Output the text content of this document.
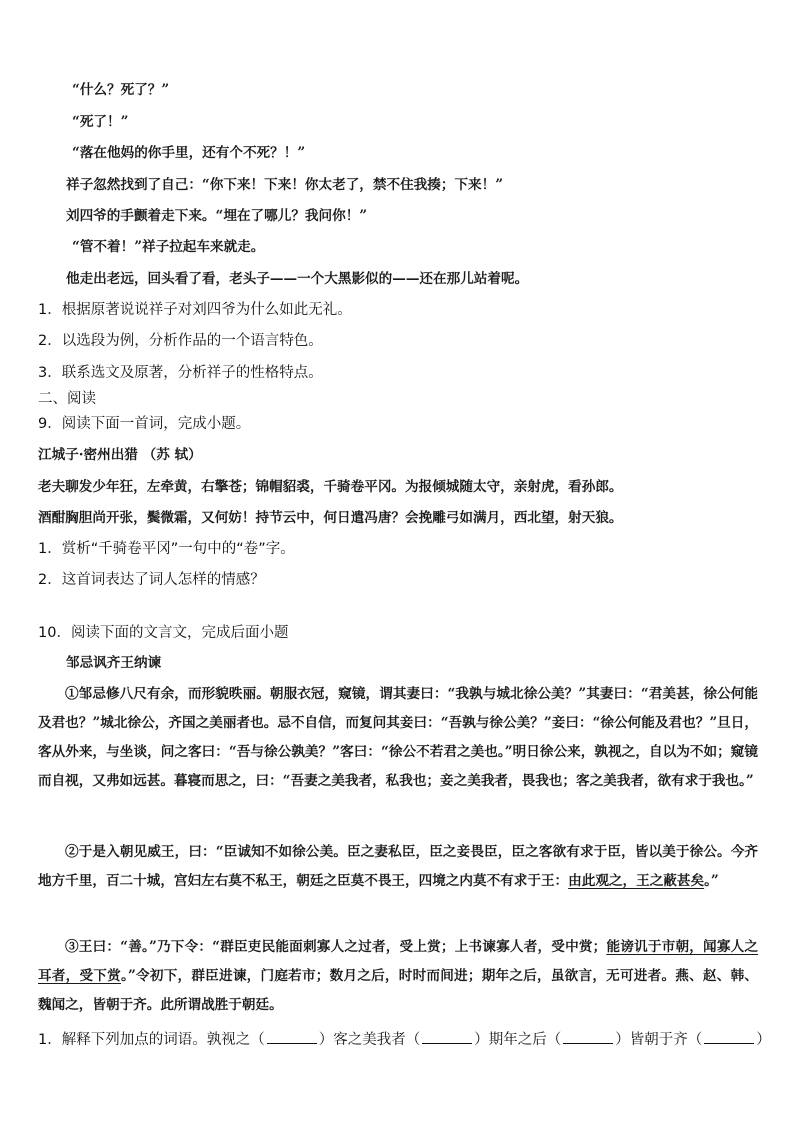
“什么？死了？”
“死了！”
“落在他妈的你手里，还有个不死？！”
祥子忽然找到了自己：“你下来！下来！你太老了，禁不住我揍；下来！”
刘四爷的手颤着走下来。“埋在了哪儿？我问你！”
“管不着！”祥子拉起车来就走。
他走出老远，回头看了看，老头子——一个大黑影似的——还在那儿站着呢。
1．根据原著说说祥子对刘四爷为什么如此无礼。
2．以选段为例，分析作品的一个语言特色。
3．联系选文及原著，分析祥子的性格特点。
二、阅读
9．阅读下面一首词，完成小题。
江城子·密州出猎 （苏 轼）
老夫聊发少年狂，左牵黄，右擎苍；锦帽貂裘，千骑卷平冈。为报倾城随太守，亲射虎，看孙郎。
酒酣胸胆尚开张，鬓微霜，又何妨！持节云中，何日遣冯唐？会挽雕弓如满月，西北望，射天狼。
1．赏析“千骑卷平冈”一句中的“卷”字。
2．这首词表达了词人怎样的情感？
10．阅读下面的文言文，完成后面小题
邹忌讽齐王纳谏
①邹忌修八尺有余，而形貌昳丽。朝服衣冠，窥镜，谓其妻曰：“我孰与城北徐公美？”其妻曰：“君美甚，徐公何能及君也？”城北徐公，齐国之美丽者也。忌不自信，而复问其妾曰：“吾孰与徐公美？”妾曰：“徐公何能及君也？”旦日，客从外来，与坐谈，问之客曰：“吾与徐公孰美？”客曰：“徐公不若君之美也。”明日徐公来，孰视之，自以为不如；窥镜而自视，又弗如远甚。暮寝而思之，曰：“吾妻之美我者，私我也；妾之美我者，畏我也；客之美我者，欲有求于我也。”
②于是入朝见威王，曰：“臣诚知不如徐公美。臣之妻私臣，臣之妾畏臣，臣之客欲有求于臣，皆以美于徐公。今齐地方千里，百二十城，宫妇左右莫不私王，朝廷之臣莫不畏王，四境之内莫不有求于王：由此观之，王之蔽甚矣。”
③王曰：“善。”乃下令：“群臣吏民能面刺寡人之过者，受上赏；上书谏寡人者，受中赏；能谤讥于市朝，闻寡人之耳者，受下赏。”令初下，群臣进谏，门庭若市；数月之后，时时而间进；期年之后，虽欲言，无可进者。燕、赵、韩、魏闻之，皆朝于齐。此所谓战胜于朝廷。
1．解释下列加点的词语。孰视之（	）客之美我者（	）期年之后（	）皆朝于齐（	）
